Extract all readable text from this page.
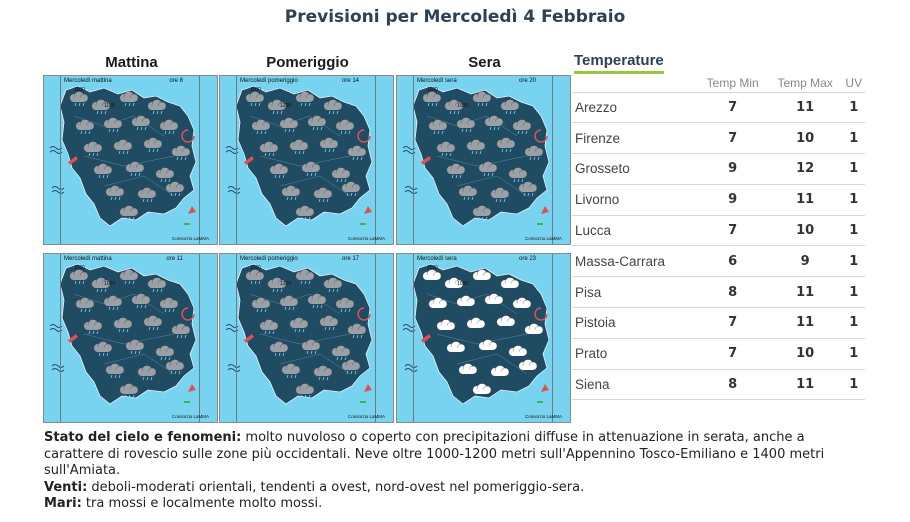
Previsioni per Mercoledì 4 Febbraio
Mattina	Pomeriggio	Sera
Mercoledì mattina	ore 8
Consorzio LaMMA
1100
1100
Mercoledì pomeriggio	ore 14
Consorzio LaMMA
1100
1200
Mercoledì sera	ore 20
Consorzio LaMMA
1100
1000
Mercoledì mattina	ore 11
Consorzio LaMMA
1100
1000
Mercoledì pomeriggio	ore 17
Consorzio LaMMA
1100
1200
Mercoledì sera	ore 23
Consorzio LaMMA
1100
1000
Temperature
	Temp Min	Temp Max	UV
Arezzo	7	11	1
Firenze	7	10	1
Grosseto	9	12	1
Livorno	9	11	1
Lucca	7	10	1
Massa-Carrara	6	9	1
Pisa	8	11	1
Pistoia	7	11	1
Prato	7	10	1
Siena	8	11	1
Stato del cielo e fenomeni: molto nuvoloso o coperto con precipitazioni diffuse in attenuazione in serata, anche a carattere di rovescio sulle zone più occidentali. Neve oltre 1000-1200 metri sull'Appennino Tosco-Emiliano e 1400 metri sull'Amiata.
Venti: deboli-moderati orientali, tendenti a ovest, nord-ovest nel pomeriggio-sera.
Mari: tra mossi e localmente molto mossi.
